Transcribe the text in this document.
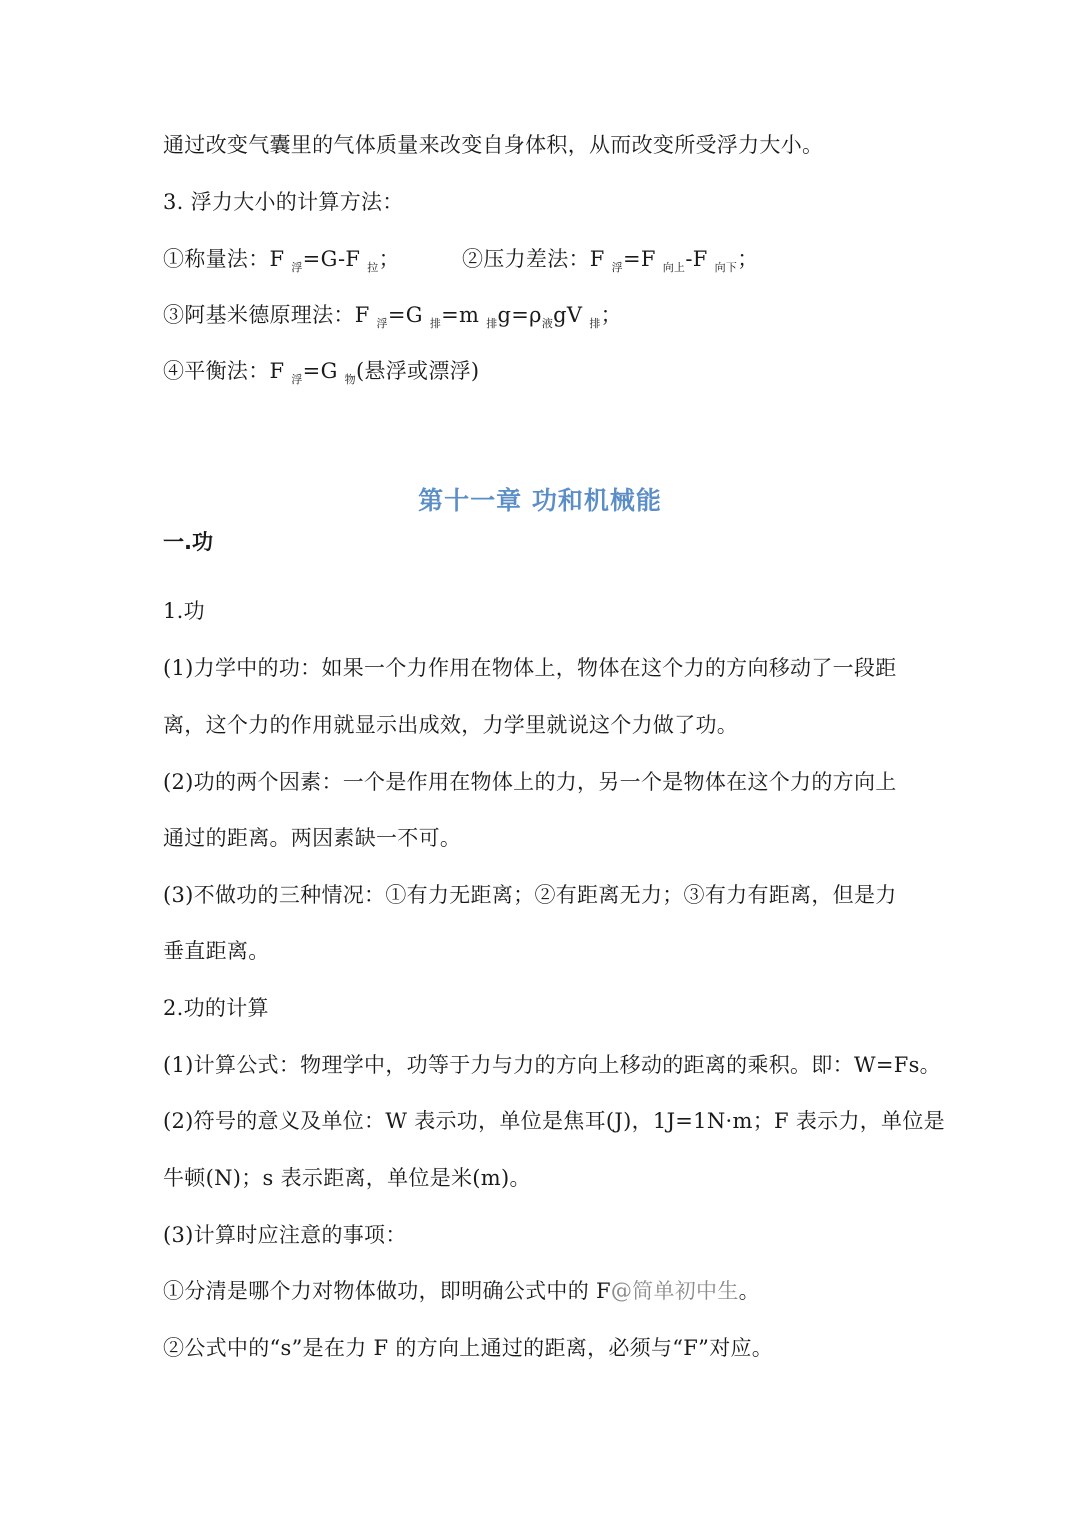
通过改变气囊里的气体质量来改变自身体积，从而改变所受浮力大小。
3. 浮力大小的计算方法：
①称量法：F $_浮$=G-F $_拉$；	②压力差法：F $_浮$=F $_{向上}$-F $_{向下}$；
③阿基米德原理法：F $_浮$=G $_排$=m $_排g=\rho_液gV$ $_排$；
④平衡法：F $_浮$=G $_物$(悬浮或漂浮)
第十一章 功和机械能
一.功
1.功
(1)力学中的功：如果一个力作用在物体上，物体在这个力的方向移动了一段距
离，这个力的作用就显示出成效，力学里就说这个力做了功。
(2)功的两个因素：一个是作用在物体上的力，另一个是物体在这个力的方向上
通过的距离。两因素缺一不可。
(3)不做功的三种情况：①有力无距离；②有距离无力；③有力有距离，但是力
垂直距离。
2.功的计算
(1)计算公式：物理学中，功等于力与力的方向上移动的距离的乘积。即：W=Fs。
(2)符号的意义及单位：W 表示功，单位是焦耳(J)，1J=1N·m；F 表示力，单位是
牛顿(N)；s 表示距离，单位是米(m)。
(3)计算时应注意的事项：
①分清是哪个力对物体做功，即明确公式中的 F@简单初中生。
②公式中的“s”是在力 F 的方向上通过的距离，必须与“F”对应。
